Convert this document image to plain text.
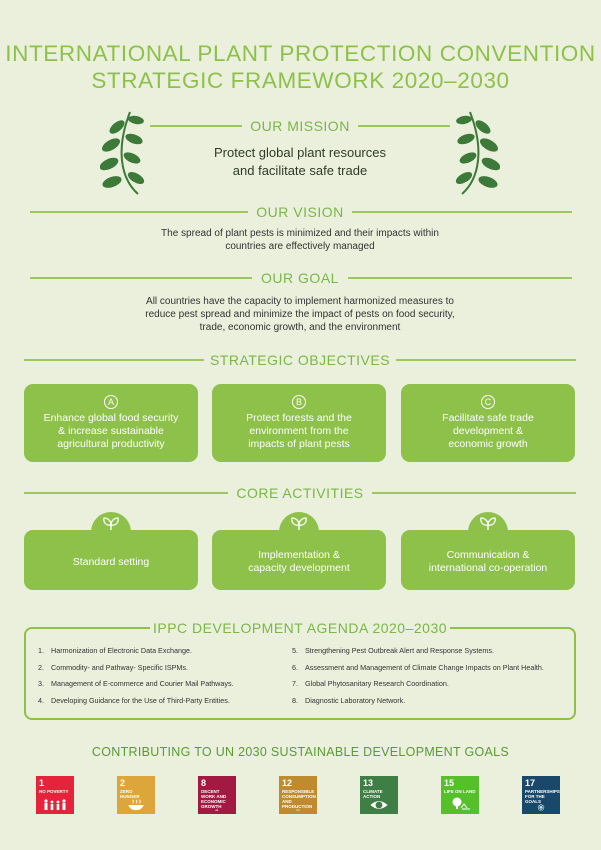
INTERNATIONAL PLANT PROTECTION CONVENTION
STRATEGIC FRAMEWORK 2020–2030
OUR MISSION
Protect global plant resources
and facilitate safe trade
OUR VISION
The spread of plant pests is minimized and their impacts within
countries are effectively managed
OUR GOAL
All countries have the capacity to implement harmonized measures to
reduce pest spread and minimize the impact of pests on food security,
trade, economic growth, and the environment
STRATEGIC OBJECTIVES
A
Enhance global food security
& increase sustainable
agricultural productivity
B
Protect forests and the
environment from the
impacts of plant pests
C
Facilitate safe trade
development &
economic growth
CORE ACTIVITIES
Standard setting
Implementation &
capacity development
Communication &
international co-operation
IPPC DEVELOPMENT AGENDA 2020–2030
1. Harmonization of Electronic Data Exchange.
2. Commodity- and Pathway- Specific ISPMs.
3. Management of E-commerce and Courier Mail Pathways.
4. Developing Guidance for the Use of Third-Party Entities.
5. Strengthening Pest Outbreak Alert and Response Systems.
6. Assessment and Management of Climate Change Impacts on Plant Health.
7. Global Phytosanitary Research Coordination.
8. Diagnostic Laboratory Network.
CONTRIBUTING TO UN 2030 SUSTAINABLE DEVELOPMENT GOALS
1
NO POVERTY
2
ZERO HUNGER
8
DECENT WORK AND ECONOMIC GROWTH
12
RESPONSIBLE CONSUMPTION AND PRODUCTION
13
CLIMATE ACTION
15
LIFE ON LAND
17
PARTNERSHIPS FOR THE GOALS
